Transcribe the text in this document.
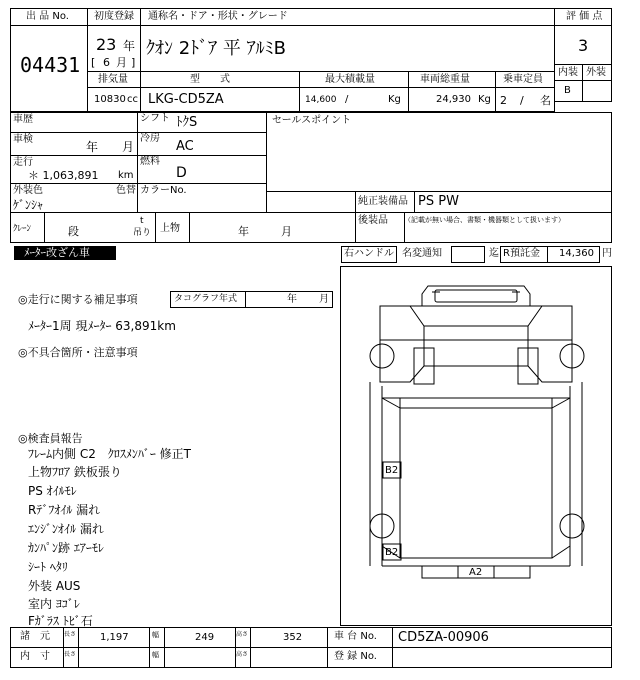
出 品 No.
04431
初度登録
23 年
[ 6 月 ]
通称名・ドア・形状・グレード
ｸｵﾝ 2ﾄﾞｱ 平 ｱﾙﾐB
評 価 点
3
内装 外装
B
排気量
10830 cc
型　　式
LKG-CD5ZA
最大積載量
14,600 /	Kg
車両総重量
24,930 Kg
乗車定員
2 / 名
車歴	シフト ﾄｸS
車検
年 月
冷房
AC
走行
＊ 1,063,891 km
燃料
D
外装色
ｹﾞﾝｼｬ
色替 カラーNo.
セールスポイント
純正装備品 PS PW
後装品 （記載が無い場合、書類・機器類として扱います）
ｸﾚｰﾝ	段
t
吊り 上物	年	月
ﾒｰﾀｰ改ざん車	右ハンドル 名変通知	迄 R預託金 14,360 円
◎走行に関する補足事項	タコグラフ年式	年 月
ﾒｰﾀｰ1周 現ﾒｰﾀｰ 63,891km
◎不具合箇所・注意事項
◎検査員報告
ﾌﾚｰﾑ内側 C2　ｸﾛｽﾒﾝﾊﾞｰ 修正T
上物ﾌﾛｱ 鉄板張り
PS ｵｲﾙﾓﾚ
Rﾃﾞﾌｵｲﾙ 漏れ
ｴﾝｼﾞﾝｵｲﾙ 漏れ
ｶﾝﾊﾟﾝ跡 ｴｱｰﾓﾚ
ｼｰﾄ ﾍﾀﾘ
外装 AUS
室内 ﾖｺﾞﾚ
Fｶﾞﾗｽ ﾄﾋﾞ石
B2
B2
A2
諸　元 長さ 1,197	幅	249	高さ	352	車 台 No. CD5ZA-00906
内　寸 長さ	幅	高さ	登 録 No.
